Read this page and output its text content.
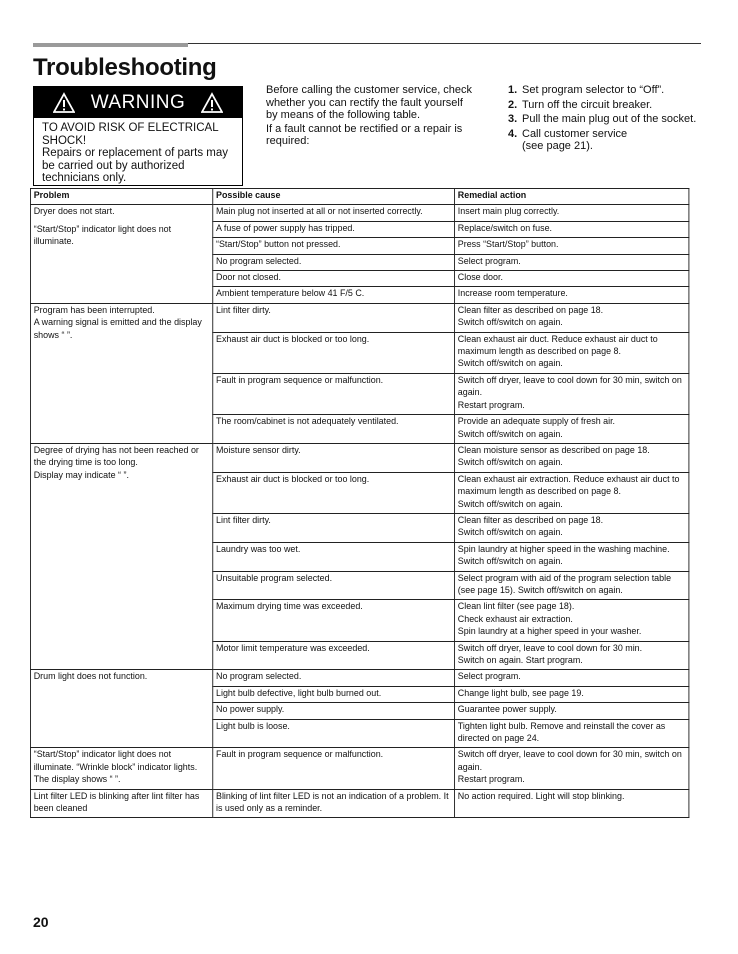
Troubleshooting
WARNING
TO AVOID RISK OF ELECTRICAL SHOCK!
Repairs or replacement of parts may be carried out by authorized technicians only.

Before calling the customer service, check whether you can rectify the fault yourself by means of the following table.

If a fault cannot be rectified or a repair is required:

1. Set program selector to “Off”.
2. Turn off the circuit breaker.
3. Pull the main plug out of the socket.
4. Call customer service
(see page 21).
Problem	Possible cause	Remedial action

Dryer does not start.
“Start/Stop” indicator light does not illuminate.	Main plug not inserted at all or not inserted correctly.	Insert main plug correctly.
	A fuse of power supply has tripped.	Replace/switch on fuse.
	“Start/Stop” button not pressed.	Press “Start/Stop” button.
	No program selected.	Select program.
	Door not closed.	Close door.
	Ambient temperature below 41 F/5 C.	Increase room temperature.

Program has been interrupted.
A warning signal is emitted and the display shows “ ”.	Lint filter dirty.	Clean filter as described on page 18.
Switch off/switch on again.
	Exhaust air duct is blocked or too long.	Clean exhaust air duct. Reduce exhaust air duct to maximum length as described on page 8.
Switch off/switch on again.
	Fault in program sequence or malfunction.	Switch off dryer, leave to cool down for 30 min, switch on again.
Restart program.
	The room/cabinet is not adequately ventilated.	Provide an adequate supply of fresh air.
Switch off/switch on again.

Degree of drying has not been reached or the drying time is too long.
Display may indicate “ ”.	Moisture sensor dirty.	Clean moisture sensor as described on page 18.
Switch off/switch on again.
	Exhaust air duct is blocked or too long.	Clean exhaust air extraction. Reduce exhaust air duct to maximum length as described on page 8.
Switch off/switch on again.
	Lint filter dirty.	Clean filter as described on page 18.
Switch off/switch on again.
	Laundry was too wet.	Spin laundry at higher speed in the washing machine. Switch off/switch on again.
	Unsuitable program selected.	Select program with aid of the program selection table (see page 15). Switch off/switch on again.
	Maximum drying time was exceeded.	Clean lint filter (see page 18).
Check exhaust air extraction.
Spin laundry at a higher speed in your washer.
	Motor limit temperature was exceeded.	Switch off dryer, leave to cool down for 30 min.
Switch on again. Start program.

Drum light does not function.	No program selected.	Select program.
	Light bulb defective, light bulb burned out.	Change light bulb, see page 19.
	No power supply.	Guarantee power supply.
	Light bulb is loose.	Tighten light bulb. Remove and reinstall the cover as directed on page 24.

“Start/Stop” indicator light does not illuminate. “Wrinkle block” indicator lights.
The display shows “ ”.	Fault in program sequence or malfunction.	Switch off dryer, leave to cool down for 30 min, switch on again.
Restart program.

Lint filter LED is blinking after lint filter has been cleaned	Blinking of lint filter LED is not an indication of a problem. It is used only as a reminder.	No action required. Light will stop blinking.
20
